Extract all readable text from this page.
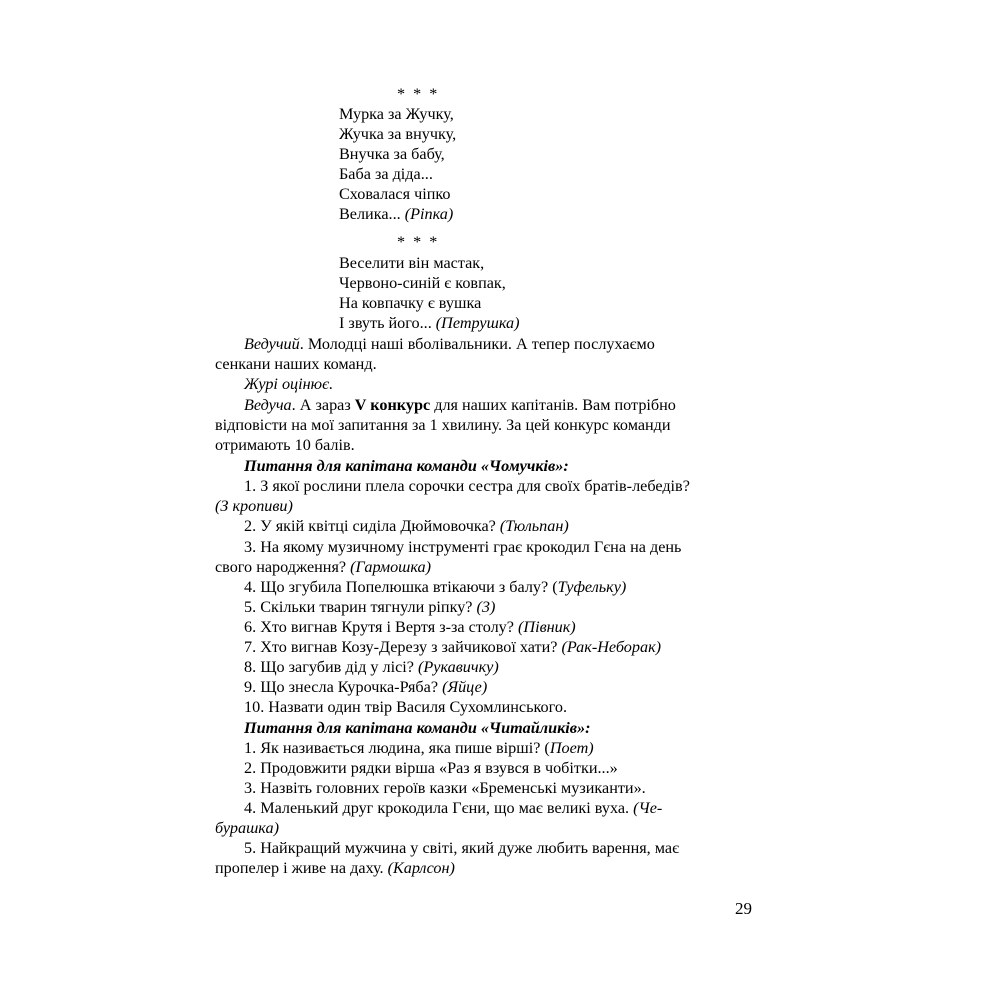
* * *
Мурка за Жучку,
Жучка за внучку,
Внучка за бабу,
Баба за діда...
Сховалася чіпко
Велика... (Ріпка)
* * *
Веселити він мастак,
Червоно-синій є ковпак,
На ковпачку є вушка
І звуть його... (Петрушка)
Ведучий. Молодці наші вболівальники. А тепер послухаємо
сенкани наших команд.
Журі оцінює.
Ведуча. А зараз V конкурс для наших капітанів. Вам потрібно
відповісти на мої запитання за 1 хвилину. За цей конкурс команди
отримають 10 балів.
Питання для капітана команди «Чомучків»:
1. З якої рослини плела сорочки сестра для своїх братів-лебедів?
(З кропиви)
2. У якій квітці сиділа Дюймовочка? (Тюльпан)
3. На якому музичному інструменті грає крокодил Гєна на день
свого народження? (Гармошка)
4. Що згубила Попелюшка втікаючи з балу? (Туфельку)
5. Скільки тварин тягнули ріпку? (3)
6. Хто вигнав Крутя і Вертя з-за столу? (Півник)
7. Хто вигнав Козу-Дерезу з зайчикової хати? (Рак-Неборак)
8. Що загубив дід у лісі? (Рукавичку)
9. Що знесла Курочка-Ряба? (Яйце)
10. Назвати один твір Василя Сухомлинського.
Питання для капітана команди «Читайликів»:
1. Як називається людина, яка пише вірші? (Поет)
2. Продовжити рядки вірша «Раз я взувся в чобітки...»
3. Назвіть головних героїв казки «Бременські музиканти».
4. Маленький друг крокодила Гєни, що має великі вуха. (Че-
бурашка)
5. Найкращий мужчина у світі, який дуже любить варення, має
пропелер і живе на даху. (Карлсон)
29
